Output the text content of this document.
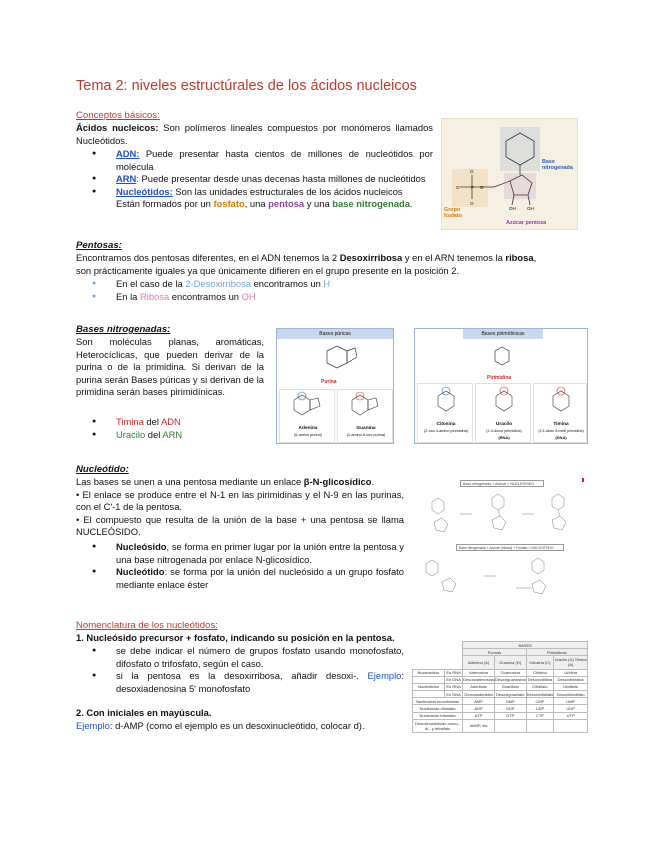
Tema 2: niveles estructúrales de los ácidos nucleicos
Conceptos básicos:
Ácidos nucleicos: Son polímeros lineales compuestos por monómeros llamados Nucleótidos.
● ADN: Puede presentar hasta cientos de millones de nucleótidos por molécula
● ARN: Puede presentar desde unas decenas hasta millones de nucleótidos
● Nucleótidos: Son las unidades estructurales de los ácidos nucleicos
Están formados por un fosfato, una pentosa y una base nitrogenada.
O
O
O	P O
OH	OH
Base nitrogenada
Grupo fosfato
Azúcar pentosa
Pentosas:
Encontramos dos pentosas diferentes, en el ADN tenemos la 2 Desoxirribosa y en el ARN tenemos la ribosa,
son prácticamente iguales ya que únicamente difieren en el grupo presente en la posición 2.
● En el caso de la 2-Desoxirribosa encontramos un H
● En la Ribosa encontramos un OH
Bases nitrogenadas:
Son moléculas planas, aromáticas, Heterocíclicas, que pueden derivar de la purina o de la primidina. Si derivan de la purina serán Bases púricas y si derivan de la primidina serán bases pirimidínicas.
● Timina del ADN
● Uracilo del ARN
Bases púricas
Purina
Adenina
(6-amino purina)
Guanina
(2-amino 6-oxo purina)
Bases pirimídinicas
Pirimidina
Citosina
(2-oxo 4-amino pirimidina)
Uracilo
(2,4-dioxo pirimidina)
(RNA)
Timina
(2,4-dioxo 5-metil pirimidina)
(DNA)
Nucleótido:
Las bases se unen a una pentosa mediante un enlace β-N-glicosídico.
• El enlace se produce entre el N-1 en las pirimidinas y el N-9 en las purinas, con el C'-1 de la pentosa.
• El compuesto que resulta de la unión de la base + una pentosa se llama NUCLEÓSIDO.
● Nucleósido, se forma en primer lugar por la unión entre la pentosa y una base nitrogenada por enlace N-glicosídico.
● Nucleótido: se forma por la unión del nucleósido a un grupo fosfato mediante enlace éster
Base nitrogenada + Azúcar = NUCLEÓSIDO
Base nitrogenada + Azúcar (ribosa) + Fosfato = NUCLEÓTIDO
Nomenclatura de los nucleótidos:
1. Nucleósido precursor + fosfato, indicando su posición en la pentosa.
● se debe indicar el número de grupos fosfato usando monofosfato, difosfato o trifosfato, según el caso.
● si la pentosa es la desoxirribosa, añadir desoxi-. Ejemplo: desoxiadenosina 5' monofosfato
2. Con iniciales en mayúscula.
Ejemplo: d-AMP (como el ejemplo es un desoxinucleótido, colocar d).
		BASES			
		Purinas		Pirimidinas	
		Adenina (A)	Guanina (G)	Citosina (C)	Uracilo (U) Timina (A)
Nucleósidos	En RNA	Adenosina	Guanosina	Citidina	Uridina
	En DNA	Desoxiadenosina	Desoxiguanosina	Desoxicitidina	Desoxitimidina
Nucleótidos	En RNA	Adenilato	Guanilato	Citidilato	Uridilato
	En DNA	Desoxiadenilato	Desoxiguanilato	Desoxicitidilato	Desoxitimidilato
Nucleósido monofosfato		AMP	GMP	CMP	UMP
Nucleósido difosfato		ADP	GDP	CDP	UDP
Nucleósido trifosfato		ATP	GTP	CTP	UTP
Desoxinucleósido mono-, di-, y trifosfato		dAMP, etc			
